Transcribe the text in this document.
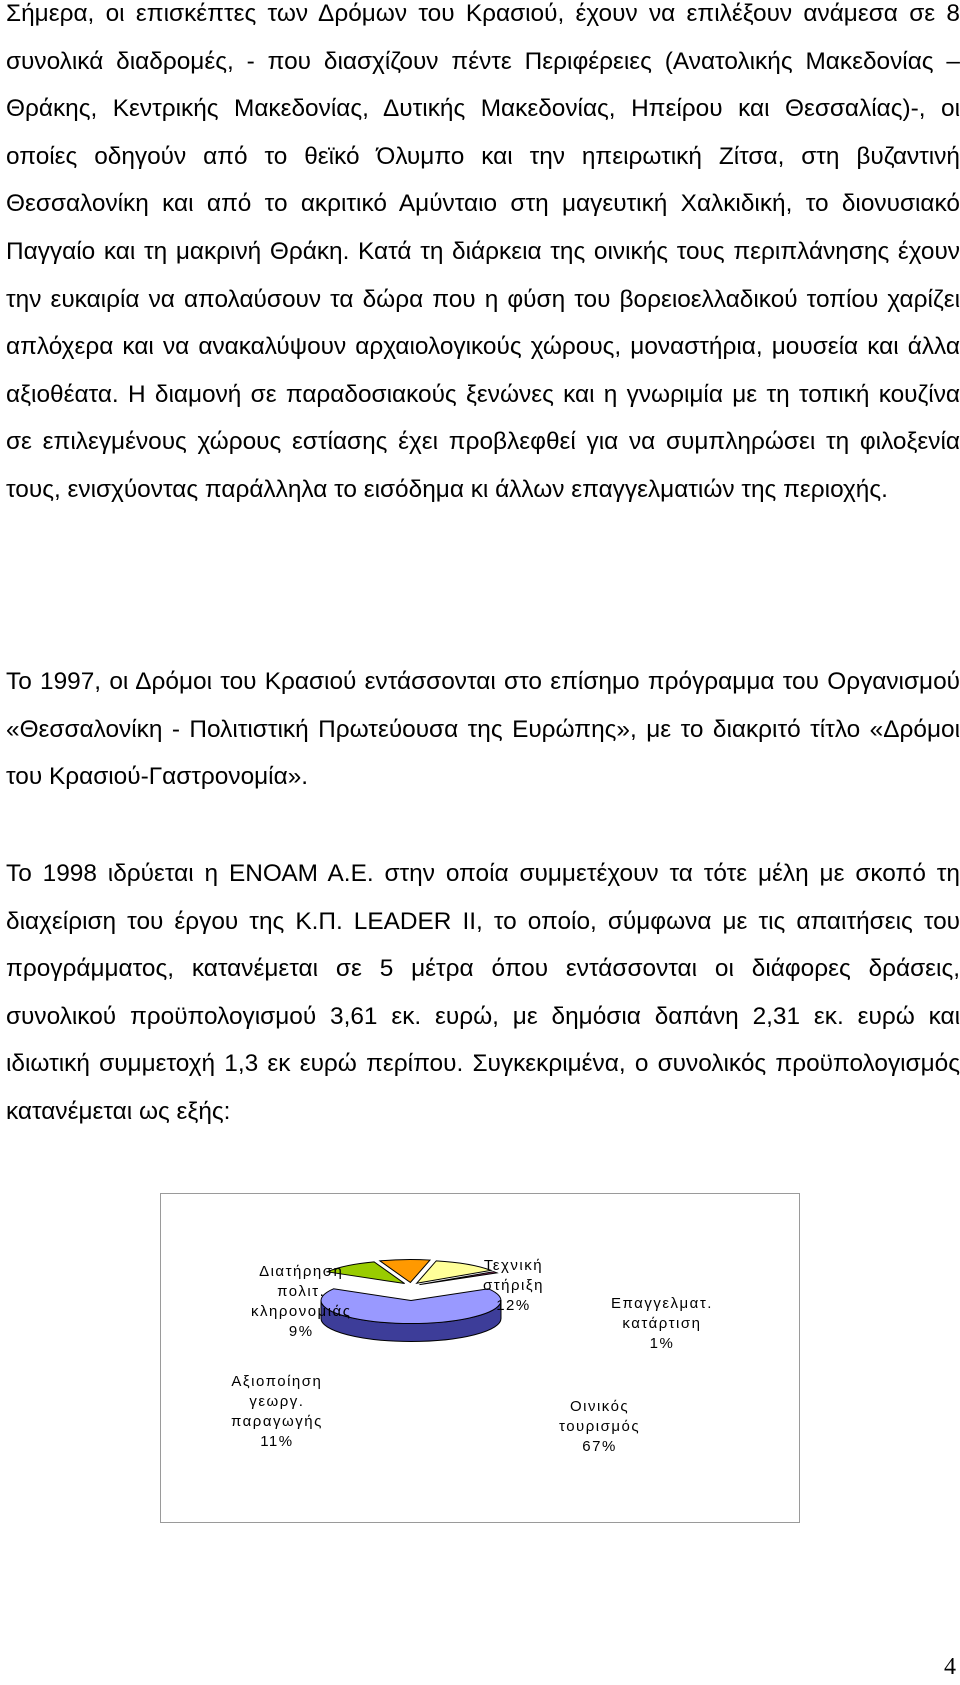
Σήμερα, οι επισκέπτες των Δρόμων του Κρασιού, έχουν να επιλέξουν ανάμεσα σε 8 συνολικά διαδρομές, - που διασχίζουν πέντε Περιφέρειες (Ανατολικής Μακεδονίας – Θράκης, Κεντρικής Μακεδονίας, Δυτικής Μακεδονίας, Ηπείρου και Θεσσαλίας)-, οι οποίες οδηγούν από το θεϊκό Όλυμπο και την ηπειρωτική Ζίτσα, στη βυζαντινή Θεσσαλονίκη και από το ακριτικό Αμύνταιο στη μαγευτική Χαλκιδική, το διονυσιακό Παγγαίο και τη μακρινή Θράκη. Κατά τη διάρκεια της οινικής τους περιπλάνησης έχουν την ευκαιρία να απολαύσουν τα δώρα που η φύση του βορειοελλαδικού τοπίου χαρίζει απλόχερα και να ανακαλύψουν αρχαιολογικούς χώρους, μοναστήρια, μουσεία και άλλα αξιοθέατα. Η διαμονή σε παραδοσιακούς ξενώνες και η γνωριμία με τη τοπική κουζίνα σε επιλεγμένους χώρους εστίασης έχει προβλεφθεί για να συμπληρώσει τη φιλοξενία τους, ενισχύοντας παράλληλα το εισόδημα κι άλλων επαγγελματιών της περιοχής.

Το 1997, οι Δρόμοι του Κρασιού εντάσσονται στο επίσημο πρόγραμμα του Οργανισμού «Θεσσαλονίκη - Πολιτιστική Πρωτεύουσα της Ευρώπης», με το διακριτό τίτλο «Δρόμοι του Κρασιού-Γαστρονομία».

Το 1998 ιδρύεται η ΕΝΟΑΜ Α.Ε. στην οποία συμμετέχουν τα τότε μέλη με σκοπό τη διαχείριση του έργου της Κ.Π. LEADER II, το οποίο, σύμφωνα με τις απαιτήσεις του προγράμματος, κατανέμεται σε 5 μέτρα όπου εντάσσονται οι διάφορες δράσεις, συνολικού προϋπολογισμού 3,61 εκ. ευρώ, με δημόσια δαπάνη 2,31 εκ. ευρώ και ιδιωτική συμμετοχή 1,3 εκ ευρώ περίπου. Συγκεκριμένα, ο συνολικός προϋπολογισμός κατανέμεται ως εξής:

Διατήρηση
πολιτ.
κληρονομιάς
9%
Τεχνική
στήριξη
12%	Επαγγελματ.
κατάρτιση
1%
Αξιοποίηση
γεωργ.
παραγωγής
11%
Οινικός
τουρισμός
67%
4
